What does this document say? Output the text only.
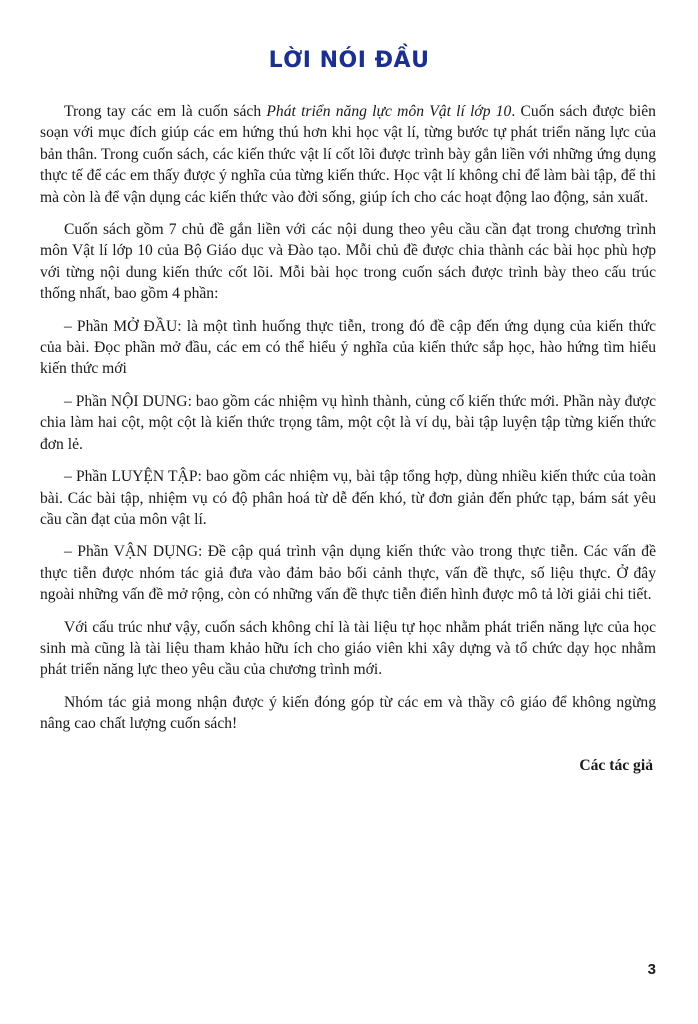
LỜI NÓI ĐẦU

Trong tay các em là cuốn sách Phát triển năng lực môn Vật lí lớp 10. Cuốn sách được biên soạn với mục đích giúp các em hứng thú hơn khi học vật lí, từng bước tự phát triển năng lực của bản thân. Trong cuốn sách, các kiến thức vật lí cốt lõi được trình bày gắn liền với những ứng dụng thực tế để các em thấy được ý nghĩa của từng kiến thức. Học vật lí không chỉ để làm bài tập, để thi mà còn là để vận dụng các kiến thức vào đời sống, giúp ích cho các hoạt động lao động, sản xuất.

Cuốn sách gồm 7 chủ đề gắn liền với các nội dung theo yêu cầu cần đạt trong chương trình môn Vật lí lớp 10 của Bộ Giáo dục và Đào tạo. Mỗi chủ đề được chia thành các bài học phù hợp với từng nội dung kiến thức cốt lõi. Mỗi bài học trong cuốn sách được trình bày theo cấu trúc thống nhất, bao gồm 4 phần:

– Phần MỞ ĐẦU: là một tình huống thực tiễn, trong đó đề cập đến ứng dụng của kiến thức của bài. Đọc phần mở đầu, các em có thể hiểu ý nghĩa của kiến thức sắp học, hào hứng tìm hiểu kiến thức mới

– Phần NỘI DUNG: bao gồm các nhiệm vụ hình thành, củng cố kiến thức mới. Phần này được chia làm hai cột, một cột là kiến thức trọng tâm, một cột là ví dụ, bài tập luyện tập từng kiến thức đơn lẻ.

– Phần LUYỆN TẬP: bao gồm các nhiệm vụ, bài tập tổng hợp, dùng nhiều kiến thức của toàn bài. Các bài tập, nhiệm vụ có độ phân hoá từ dễ đến khó, từ đơn giản đến phức tạp, bám sát yêu cầu cần đạt của môn vật lí.

– Phần VẬN DỤNG: Đề cập quá trình vận dụng kiến thức vào trong thực tiễn. Các vấn đề thực tiễn được nhóm tác giả đưa vào đảm bảo bối cảnh thực, vấn đề thực, số liệu thực. Ở đây ngoài những vấn đề mở rộng, còn có những vấn đề thực tiễn điển hình được mô tả lời giải chi tiết.

Với cấu trúc như vậy, cuốn sách không chỉ là tài liệu tự học nhằm phát triển năng lực của học sinh mà cũng là tài liệu tham khảo hữu ích cho giáo viên khi xây dựng và tổ chức dạy học nhằm phát triển năng lực theo yêu cầu của chương trình mới.

Nhóm tác giả mong nhận được ý kiến đóng góp từ các em và thầy cô giáo để không ngừng nâng cao chất lượng cuốn sách!

Các tác giả
3
